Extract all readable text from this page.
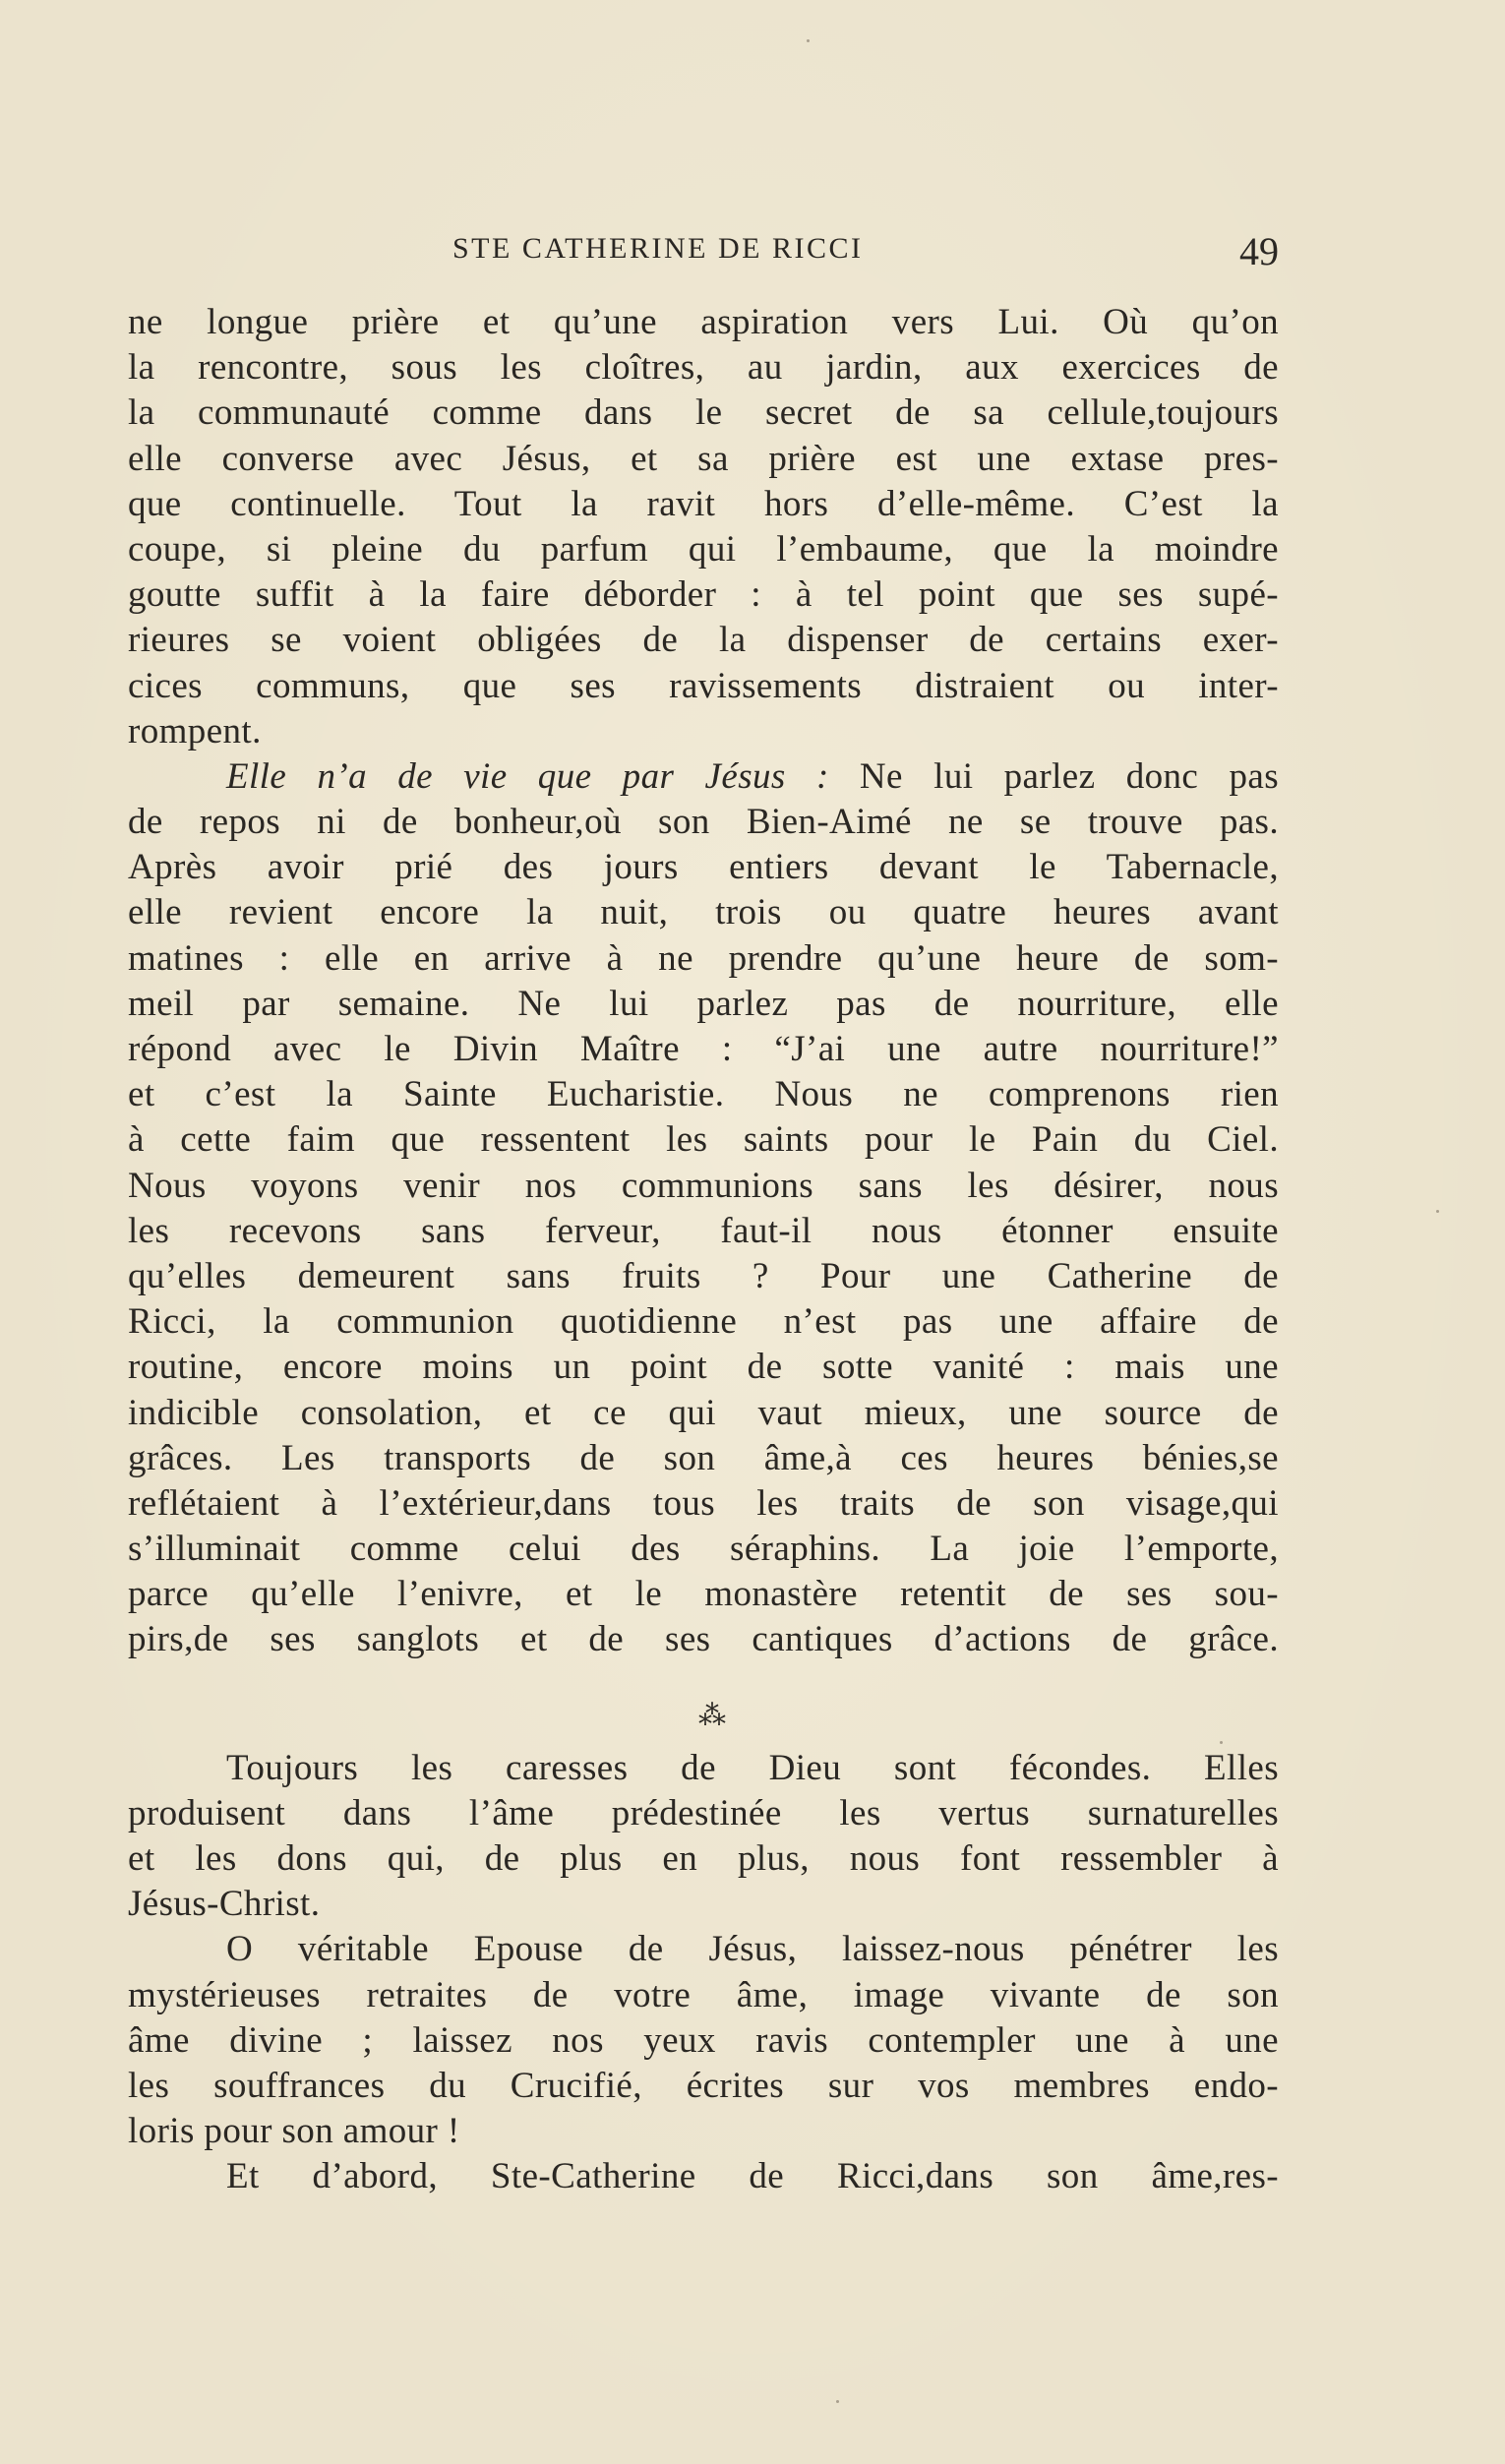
STE CATHERINE DE RICCI	49
ne longue prière et qu’une aspiration vers Lui. Où qu’on
la rencontre, sous les cloîtres, au jardin, aux exercices de
la communauté comme dans le secret de sa cellule,toujours
elle converse avec Jésus, et sa prière est une extase pres-
que continuelle. Tout la ravit hors d’elle-même. C’est la
coupe, si pleine du parfum qui l’embaume, que la moindre
goutte suffit à la faire déborder : à tel point que ses supé-
rieures se voient obligées de la dispenser de certains exer-
cices communs, que ses ravissements distraient ou inter-
rompent.
Elle n’a de vie que par Jésus : Ne lui parlez donc pas
de repos ni de bonheur,où son Bien-Aimé ne se trouve pas.
Après avoir prié des jours entiers devant le Tabernacle,
elle revient encore la nuit, trois ou quatre heures avant
matines : elle en arrive à ne prendre qu’une heure de som-
meil par semaine. Ne lui parlez pas de nourriture, elle
répond avec le Divin Maître : “J’ai une autre nourriture!”
et c’est la Sainte Eucharistie. Nous ne comprenons rien
à cette faim que ressentent les saints pour le Pain du Ciel.
Nous voyons venir nos communions sans les désirer, nous
les recevons sans ferveur, faut-il nous étonner ensuite
qu’elles demeurent sans fruits ? Pour une Catherine de
Ricci, la communion quotidienne n’est pas une affaire de
routine, encore moins un point de sotte vanité : mais une
indicible consolation, et ce qui vaut mieux, une source de
grâces. Les transports de son âme,à ces heures bénies,se
reflétaient à l’extérieur,dans tous les traits de son visage,qui
s’illuminait comme celui des séraphins. La joie l’emporte,
parce qu’elle l’enivre, et le monastère retentit de ses sou-
pirs,de ses sanglots et de ses cantiques d’actions de grâce.
⁂
Toujours les caresses de Dieu sont fécondes. Elles
produisent dans l’âme prédestinée les vertus surnaturelles
et les dons qui, de plus en plus, nous font ressembler à
Jésus-Christ.
O véritable Epouse de Jésus, laissez-nous pénétrer les
mystérieuses retraites de votre âme, image vivante de son
âme divine ; laissez nos yeux ravis contempler une à une
les souffrances du Crucifié, écrites sur vos membres endo-
loris pour son amour !
Et d’abord, Ste-Catherine de Ricci,dans son âme,res-
